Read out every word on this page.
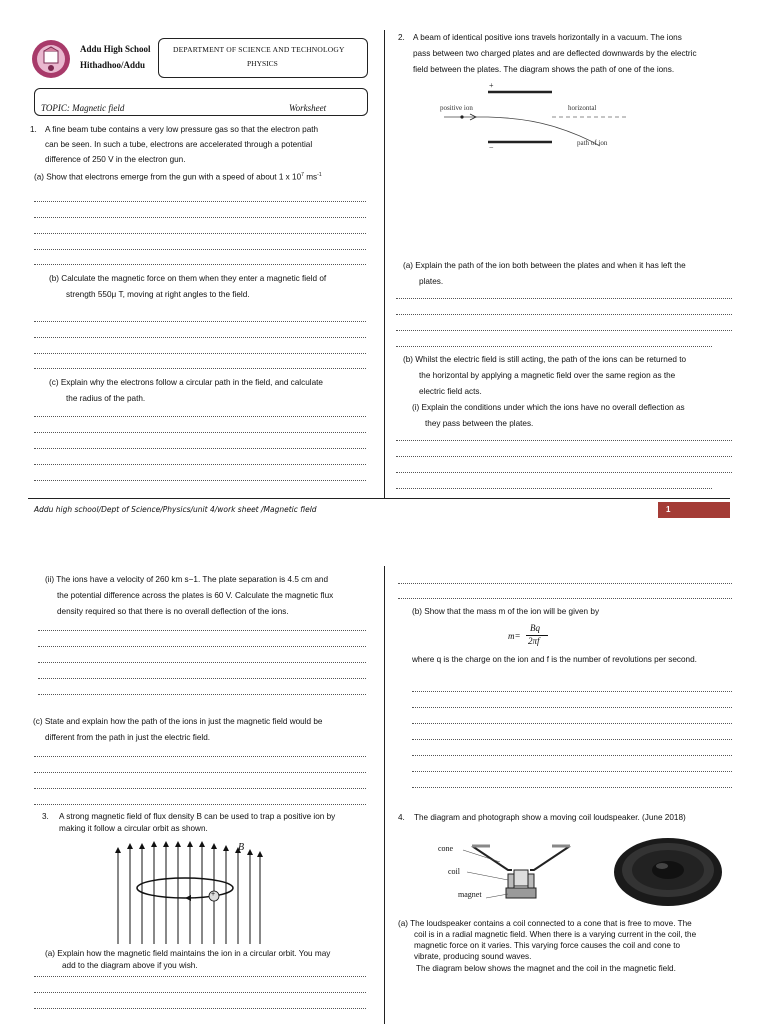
Addu High School
Hithadhoo/Addu
DEPARTMENT OF SCIENCE AND TECHNOLOGY
PHYSICS
TOPIC: Magnetic field	Worksheet
1. A fine beam tube contains a very low pressure gas so that the electron path
can be seen. In such a tube, electrons are accelerated through a potential
difference of 250 V in the electron gun.
(a) Show that electrons emerge from the gun with a speed of about 1 x $10^7$ $ms^{-1}$
(b) Calculate the magnetic force on them when they enter a magnetic field of
strength 550μ T, moving at right angles to the field.
(c) Explain why the electrons follow a circular path in the field, and calculate
the radius of the path.
2. A beam of identical positive ions travels horizontally in a vacuum. The ions
pass between two charged plates and are deflected downwards by the electric
field between the plates. The diagram shows the path of one of the ions.
+
−
positive ion	horizontal
path of ion
(a) Explain the path of the ion both between the plates and when it has left the
plates.
(b) Whilst the electric field is still acting, the path of the ions can be returned to
the horizontal by applying a magnetic field over the same region as the
electric field acts.
(i) Explain the conditions under which the ions have no overall deflection as
they pass between the plates.
Addu high school/Dept of Science/Physics/unit 4/work sheet /Magnetic field	1
(ii) The ions have a velocity of 260 km s−1. The plate separation is 4.5 cm and
the potential difference across the plates is 60 V. Calculate the magnetic flux
density required so that there is no overall deflection of the ions.
(c) State and explain how the path of the ions in just the magnetic field would be
different from the path in just the electric field.
3. A strong magnetic field of flux density B can be used to trap a positive ion by
making it follow a circular orbit as shown.
B
+
(a) Explain how the magnetic field maintains the ion in a circular orbit. You may
add to the diagram above if you wish.
(b) Show that the mass m of the ion will be given by
m=
Bq
2πf
where q is the charge on the ion and f is the number of revolutions per second.
4. The diagram and photograph show a moving coil loudspeaker. (June 2018)
cone
coil
magnet
(a) The loudspeaker contains a coil connected to a cone that is free to move. The
coil is in a radial magnetic field. When there is a varying current in the coil, the
magnetic force on it varies. This varying force causes the coil and cone to
vibrate, producing sound waves.
The diagram below shows the magnet and the coil in the magnetic field.
